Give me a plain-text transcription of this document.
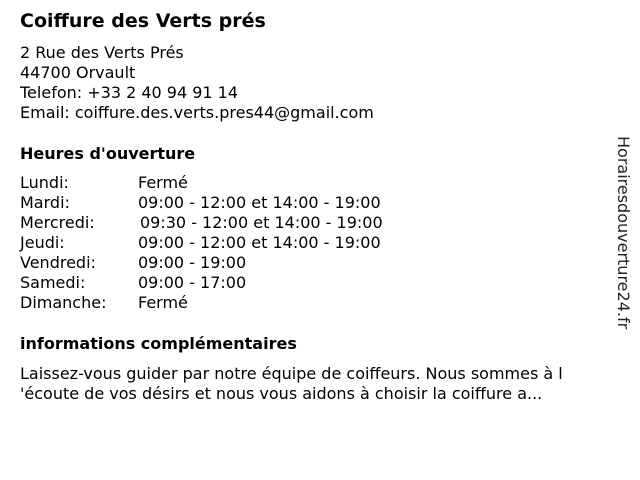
Coiffure des Verts prés
2 Rue des Verts Prés
44700 Orvault
Telefon: +33 2 40 94 91 14
Email: coiffure.des.verts.pres44@gmail.com
Heures d'ouverture
Lundi:	Fermé
Mardi:	09:00 - 12:00 et 14:00 - 19:00
Mercredi:	09:30 - 12:00 et 14:00 - 19:00
Jeudi:	09:00 - 12:00 et 14:00 - 19:00
Vendredi:	09:00 - 19:00
Samedi:	09:00 - 17:00
Dimanche: Fermé
informations complémentaires
Laissez-vous guider par notre équipe de coiffeurs. Nous sommes à l
'écoute de vos désirs et nous vous aidons à choisir la coiffure a...
Horairesdouverture24.fr
